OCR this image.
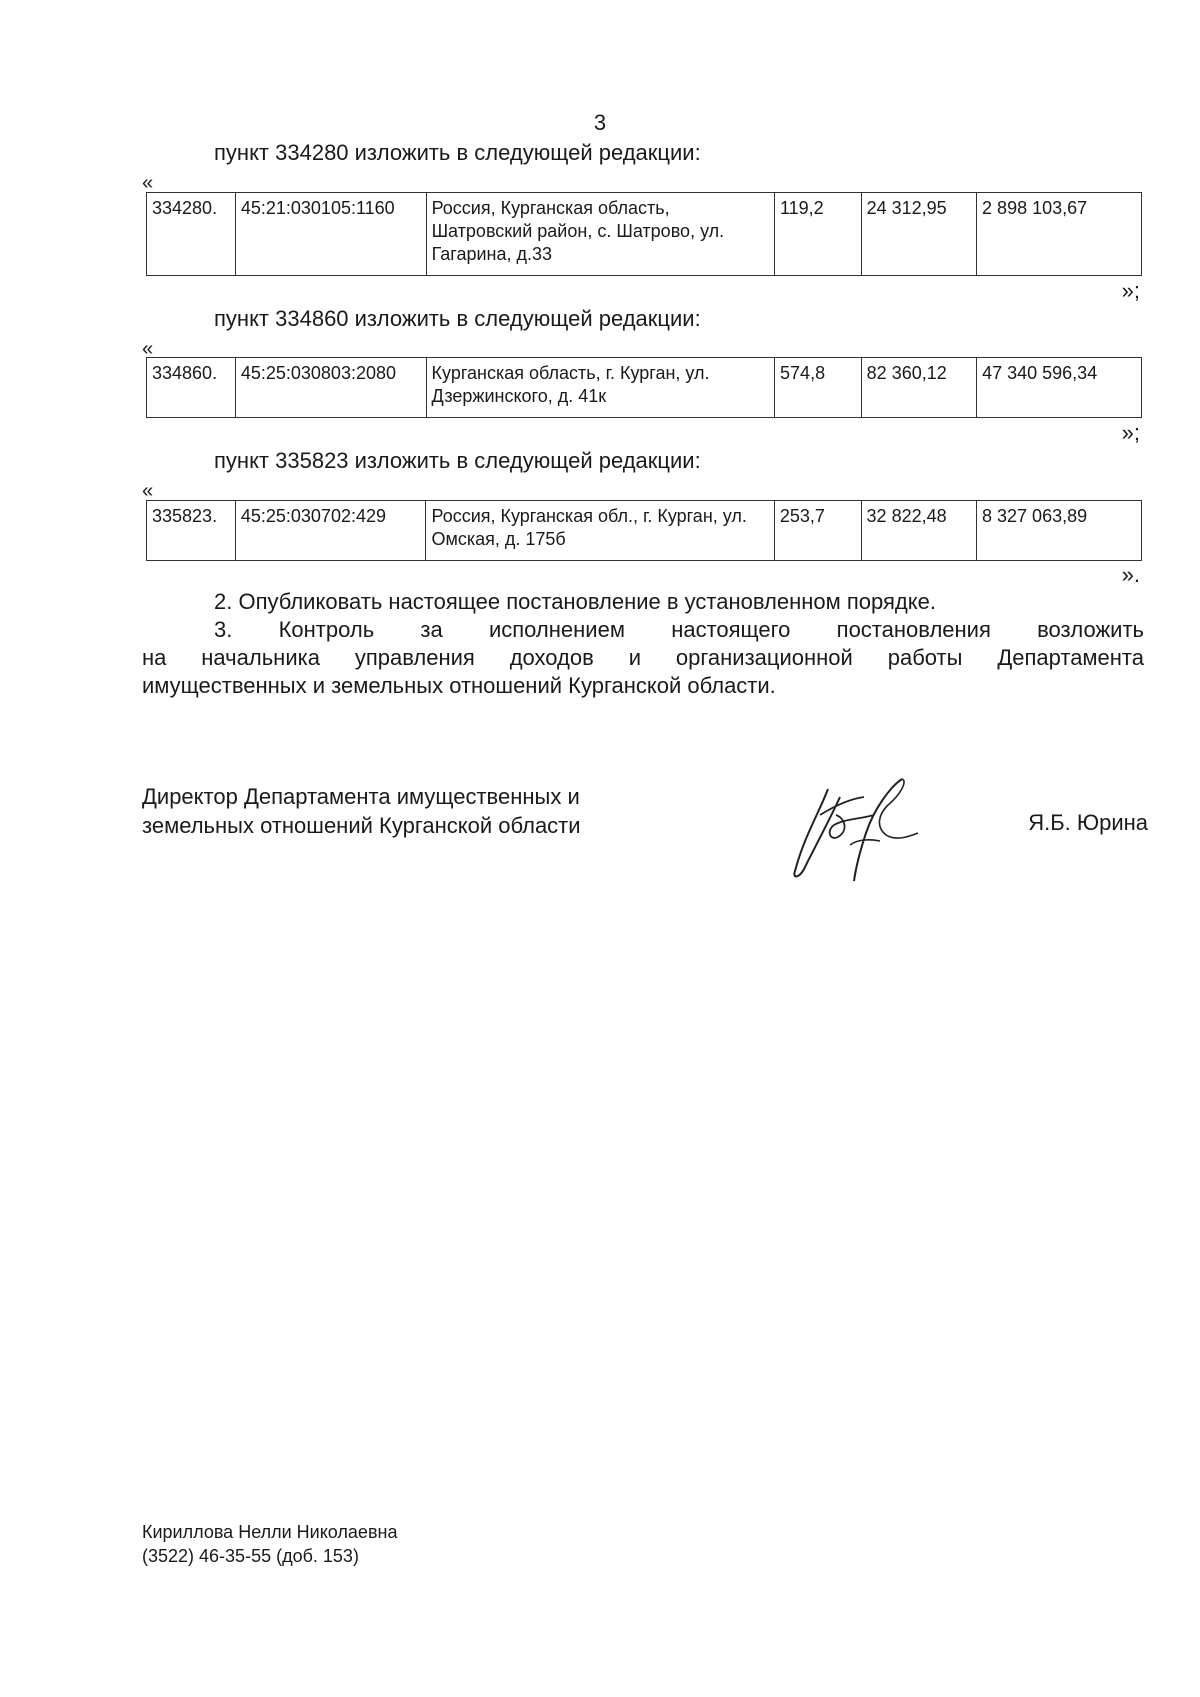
3
пункт 334280 изложить в следующей редакции:
«
334280.	45:21:030105:1160	Россия, Курганская область, Шатровский район, с. Шатрово, ул. Гагарина, д.33	119,2	24 312,95	2 898 103,67
»;
пункт 334860 изложить в следующей редакции:
«
334860.	45:25:030803:2080	Курганская область, г. Курган, ул. Дзержинского, д. 41к	574,8	82 360,12	47 340 596,34
»;
пункт 335823 изложить в следующей редакции:
«
335823.	45:25:030702:429	Россия, Курганская обл., г. Курган, ул. Омская, д. 175б	253,7	32 822,48	8 327 063,89
».
2. Опубликовать настоящее постановление в установленном порядке.
3. Контроль за исполнением настоящего постановления возложить
на начальника управления доходов и организационной работы Департамента
имущественных и земельных отношений Курганской области.
Директор Департамента имущественных и
земельных отношений Курганской области	Я.Б. Юрина
Кириллова Нелли Николаевна
(3522) 46-35-55 (доб. 153)
